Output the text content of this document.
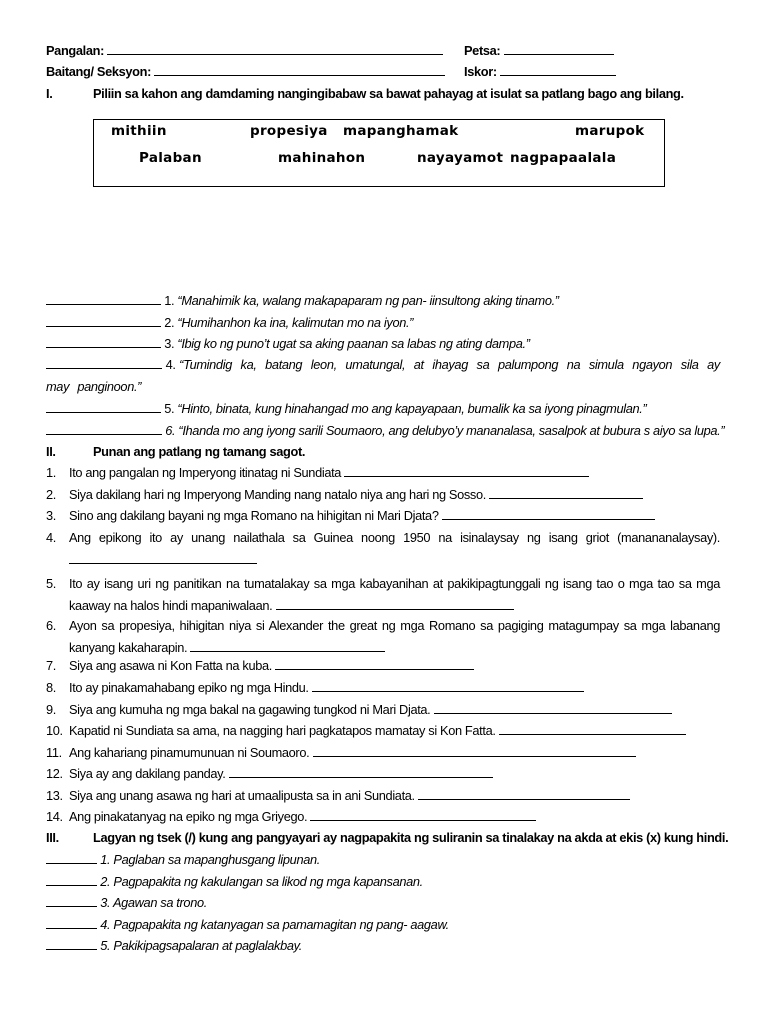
Pangalan:	Petsa:
Baitang/ Seksyon:	Iskor:
I.	Piliin sa kahon ang damdaming nangingibabaw sa bawat pahayag at isulat sa patlang bago ang bilang.
mithiin	propesiya mapanghamak	marupok
Palaban	mahinahon	nayayamot nagpapaalala
1. “Manahimik ka, walang makapaparam ng pan- iinsultong aking tinamo.”
2. “Humihanhon ka ina, kalimutan mo na iyon.”
3. “Ibig ko ng puno’t ugat sa aking paanan sa labas ng ating dampa.”
4. “Tumindig ka, batang leon, umatungal, at ihayag sa palumpong na simula ngayon sila ay may panginoon.”
5. “Hinto, binata, kung hinahangad mo ang kapayapaan, bumalik ka sa iyong pinagmulan.”
6. “Ihanda mo ang iyong sarili Soumaoro, ang delubyo’y mananalasa, sasalpok at bubura s aiyo sa lupa.”
II.	Punan ang patlang ng tamang sagot.
1. Ito ang pangalan ng Imperyong itinatag ni Sundiata
2. Siya dakilang hari ng Imperyong Manding nang natalo niya ang hari ng Sosso.
3. Sino ang dakilang bayani ng mga Romano na hihigitan ni Mari Djata?
4. Ang epikong ito ay unang nailathala sa Guinea noong 1950 na isinalaysay ng isang griot (manananalaysay).
5.	Ito ay isang uri ng panitikan na tumatalakay sa mga kabayanihan at pakikipagtunggali ng isang tao o mga tao sa mga kaaway na halos hindi mapaniwalaan.
6.	Ayon sa propesiya, hihigitan niya si Alexander the great ng mga Romano sa pagiging matagumpay sa mga labanang kanyang kakaharapin.
7. Siya ang asawa ni Kon Fatta na kuba.
8. Ito ay pinakamahabang epiko ng mga Hindu.
9. Siya ang kumuha ng mga bakal na gagawing tungkod ni Mari Djata.
10. Kapatid ni Sundiata sa ama, na nagging hari pagkatapos mamatay si Kon Fatta.
11. Ang kahariang pinamumunuan ni Soumaoro.
12. Siya ay ang dakilang panday.
13. Siya ang unang asawa ng hari at umaalipusta sa in ani Sundiata.
14. Ang pinakatanyag na epiko ng mga Griyego.
III.	Lagyan ng tsek (/) kung ang pangyayari ay nagpapakita ng suliranin sa tinalakay na akda at ekis (x) kung hindi.
1. Paglaban sa mapanghusgang lipunan.
2. Pagpapakita ng kakulangan sa likod ng mga kapansanan.
3. Agawan sa trono.
4. Pagpapakita ng katanyagan sa pamamagitan ng pang- aagaw.
5. Pakikipagsapalaran at paglalakbay.
